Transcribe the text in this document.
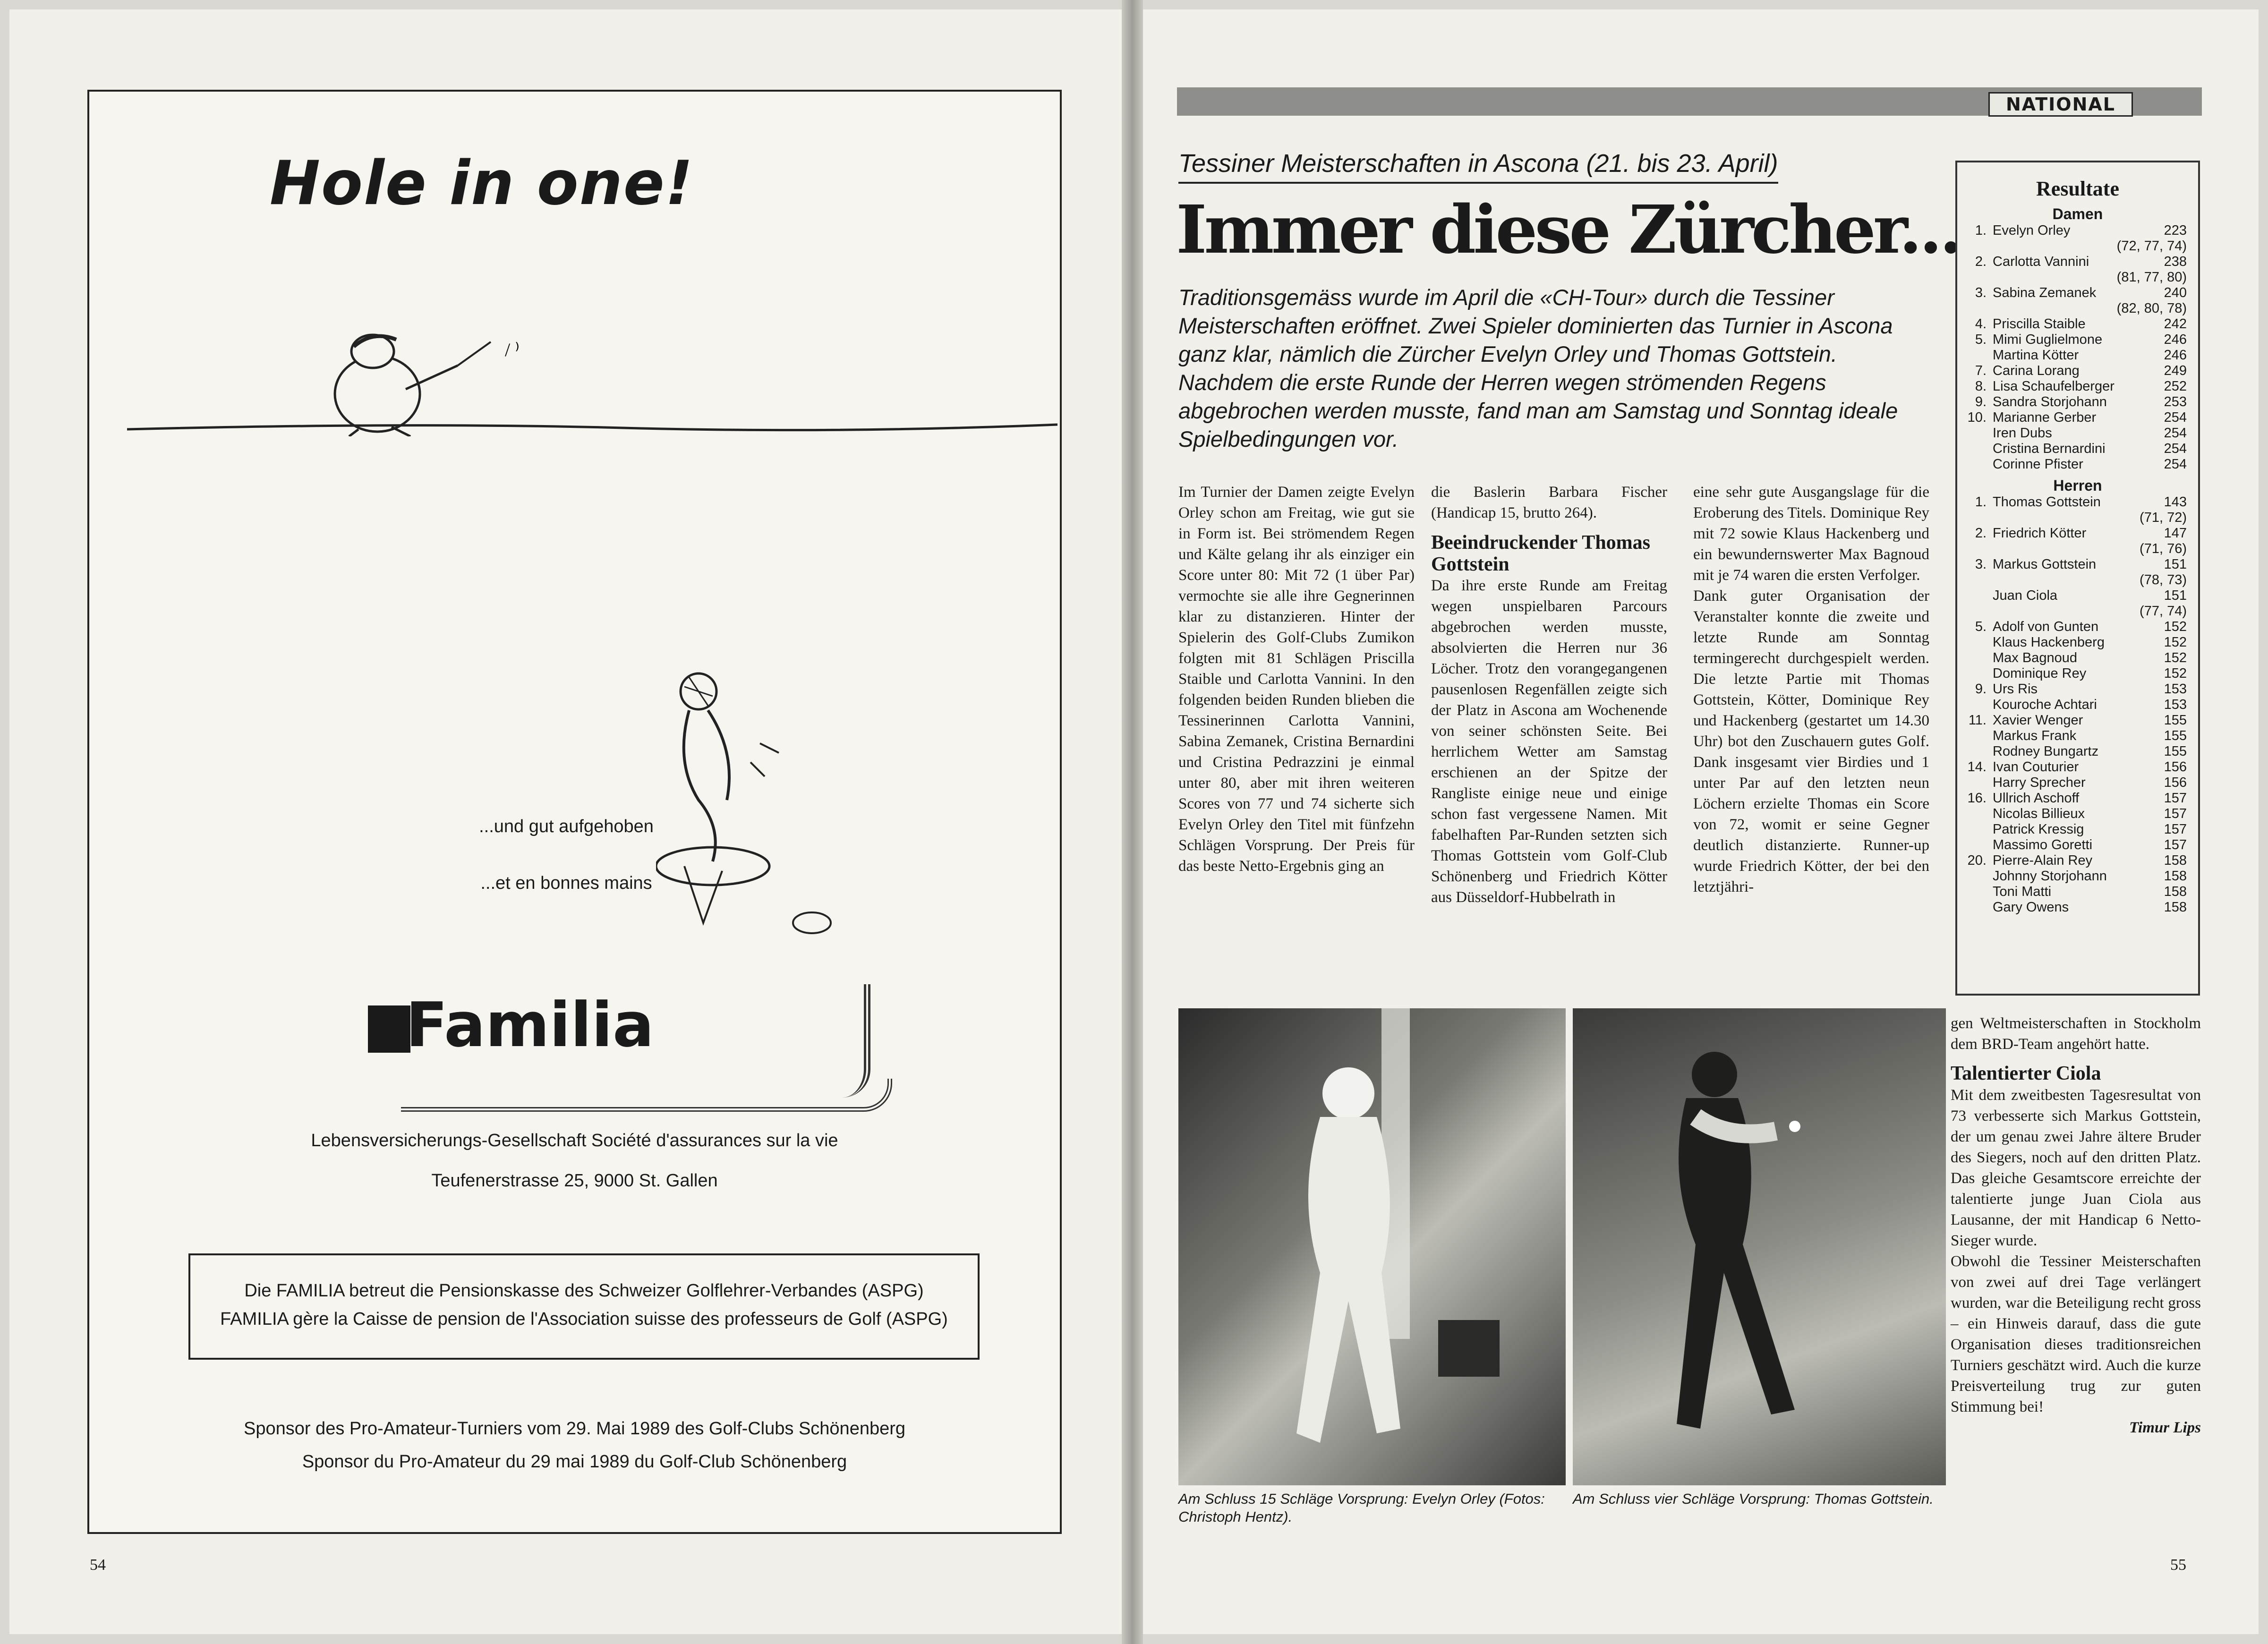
Hole in one!
/ ⁾
...und gut aufgehoben
...et en bonnes mains
Familia
Lebensversicherungs-Gesellschaft Société d'assurances sur la vie
Teufenerstrasse 25, 9000 St. Gallen
Die FAMILIA betreut die Pensionskasse des Schweizer Golflehrer-Verbandes (ASPG)
FAMILIA gère la Caisse de pension de l'Association suisse des professeurs de Golf (ASPG)
Sponsor des Pro-Amateur-Turniers vom 29. Mai 1989 des Golf-Clubs Schönenberg
Sponsor du Pro-Amateur du 29 mai 1989 du Golf-Club Schönenberg
54
NATIONAL
Tessiner Meisterschaften in Ascona (21. bis 23. April)
Immer diese Zürcher...
Traditionsgemäss wurde im April die «CH-Tour» durch die Tessiner Meisterschaften eröffnet. Zwei Spieler dominierten das Turnier in Ascona ganz klar, nämlich die Zürcher Evelyn Orley und Thomas Gottstein. Nachdem die erste Runde der Herren wegen strömenden Regens abgebrochen werden musste, fand man am Samstag und Sonntag ideale Spielbedingungen vor.

Im Turnier der Damen zeigte Evelyn Orley schon am Freitag, wie gut sie in Form ist. Bei strömendem Regen und Kälte gelang ihr als einziger ein Score unter 80: Mit 72 (1 über Par) vermochte sie alle ihre Gegnerinnen klar zu distanzieren. Hinter der Spielerin des Golf-Clubs Zumikon folgten mit 81 Schlägen Priscilla Staible und Carlotta Vannini. In den folgenden beiden Runden blieben die Tessinerinnen Carlotta Vannini, Sabina Zemanek, Cristina Bernardini und Cristina Pedrazzini je einmal unter 80, aber mit ihren weiteren Scores von 77 und 74 sicherte sich Evelyn Orley den Titel mit fünfzehn Schlägen Vorsprung. Der Preis für das beste Netto-Ergebnis ging an

die Baslerin Barbara Fischer (Handicap 15, brutto 264).

Beeindruckender Thomas Gottstein

Da ihre erste Runde am Freitag wegen unspielbaren Parcours abgebrochen werden musste, absolvierten die Herren nur 36 Löcher. Trotz den vorangegangenen pausenlosen Regenfällen zeigte sich der Platz in Ascona am Wochenende von seiner schönsten Seite. Bei herrlichem Wetter am Samstag erschienen an der Spitze der Rangliste einige neue und einige schon fast vergessene Namen. Mit fabelhaften Par-Runden setzten sich Thomas Gottstein vom Golf-Club Schönenberg und Friedrich Kötter aus Düsseldorf-Hubbelrath in

eine sehr gute Ausgangslage für die Eroberung des Titels. Dominique Rey mit 72 sowie Klaus Hackenberg und ein bewundernswerter Max Bagnoud mit je 74 waren die ersten Verfolger.

Dank guter Organisation der Veranstalter konnte die zweite und letzte Runde am Sonntag termingerecht durchgespielt werden. Die letzte Partie mit Thomas Gottstein, Kötter, Dominique Rey und Hackenberg (gestartet um 14.30 Uhr) bot den Zuschauern gutes Golf. Dank insgesamt vier Birdies und 1 unter Par auf den letzten neun Löchern erzielte Thomas ein Score von 72, womit er seine Gegner deutlich distanzierte. Runner-up wurde Friedrich Kötter, der bei den letztjähri-

Resultate
Damen
1. Evelyn Orley	223
(72, 77, 74)
2. Carlotta Vannini	238
(81, 77, 80)
3. Sabina Zemanek	240
(82, 80, 78)
4. Priscilla Staible	242
5. Mimi Guglielmone	246
Martina Kötter	246
7. Carina Lorang	249
8. Lisa Schaufelberger	252
9. Sandra Storjohann	253
10. Marianne Gerber	254
Iren Dubs	254
Cristina Bernardini	254
Corinne Pfister	254
Herren
1. Thomas Gottstein	143
(71, 72)
2. Friedrich Kötter	147
(71, 76)
3. Markus Gottstein	151
(78, 73)
Juan Ciola	151
(77, 74)
5. Adolf von Gunten	152
Klaus Hackenberg	152
Max Bagnoud	152
Dominique Rey	152
9. Urs Ris	153
Kouroche Achtari	153
11. Xavier Wenger	155
Markus Frank	155
Rodney Bungartz	155
14. Ivan Couturier	156
Harry Sprecher	156
16. Ullrich Aschoff	157
Nicolas Billieux	157
Patrick Kressig	157
Massimo Goretti	157
20. Pierre-Alain Rey	158
Johnny Storjohann	158
Toni Matti	158
Gary Owens	158
Am Schluss 15 Schläge Vorsprung: Evelyn Orley (Fotos: Christoph Hentz).
Am Schluss vier Schläge Vorsprung: Thomas Gottstein.

gen Weltmeisterschaften in Stockholm dem BRD-Team angehört hatte.

Talentierter Ciola

Mit dem zweitbesten Tagesresultat von 73 verbesserte sich Markus Gottstein, der um genau zwei Jahre ältere Bruder des Siegers, noch auf den dritten Platz. Das gleiche Gesamtscore erreichte der talentierte junge Juan Ciola aus Lausanne, der mit Handicap 6 Netto-Sieger wurde.

Obwohl die Tessiner Meisterschaften von zwei auf drei Tage verlängert wurden, war die Beteiligung recht gross – ein Hinweis darauf, dass die gute Organisation dieses traditionsreichen Turniers geschätzt wird. Auch die kurze Preisverteilung trug zur guten Stimmung bei!

Timur Lips

55
